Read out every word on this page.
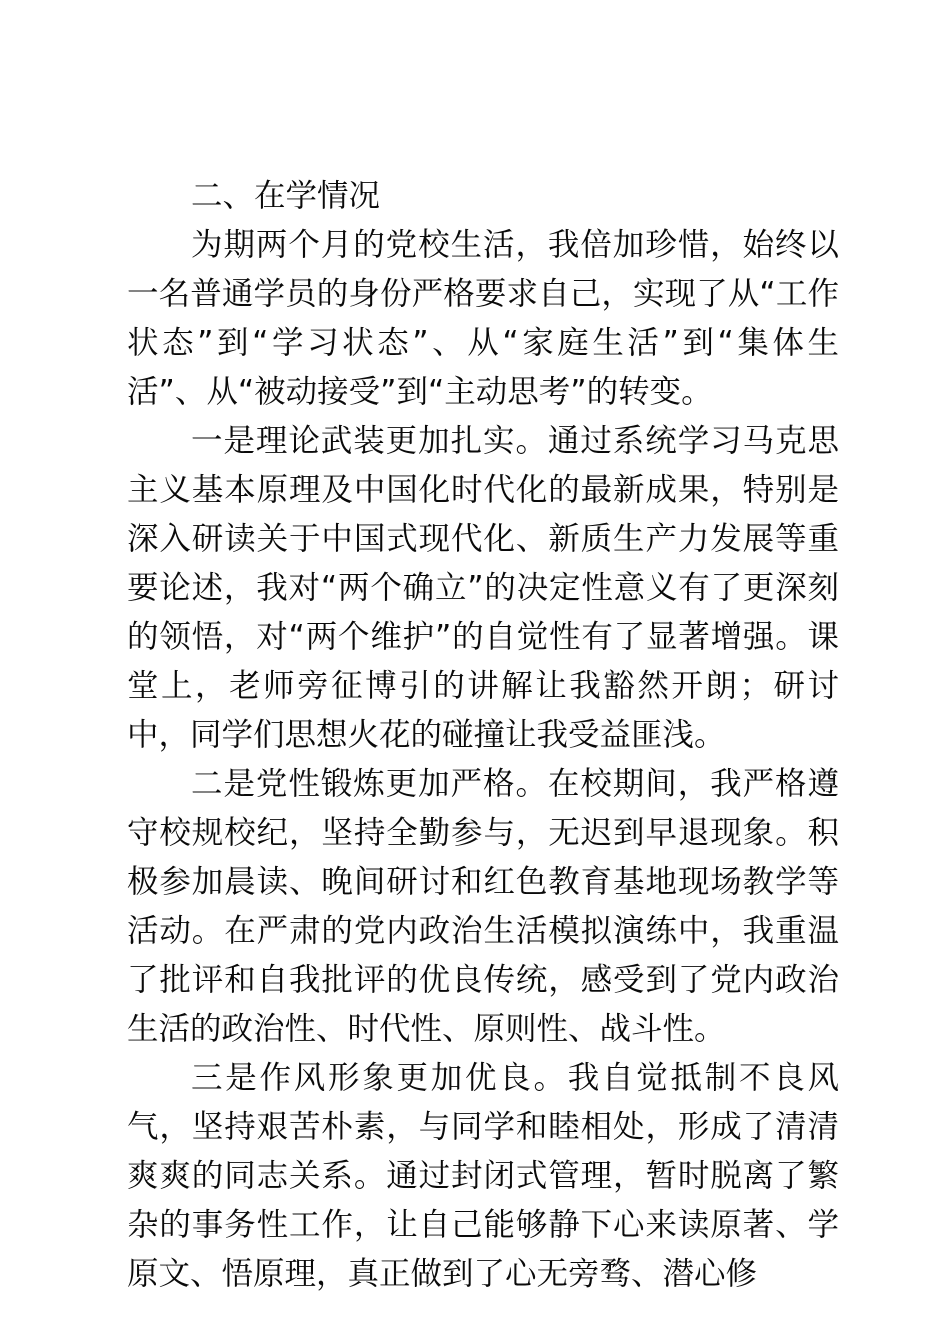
二、在学情况

为期两个月的党校生活，我倍加珍惜，始终以一名普通学员的身份严格要求自己，实现了从“工作状态”到“学习状态”、从“家庭生活”到“集体生活”、从“被动接受”到“主动思考”的转变。

一是理论武装更加扎实。通过系统学习马克思主义基本原理及中国化时代化的最新成果，特别是深入研读关于中国式现代化、新质生产力发展等重要论述，我对“两个确立”的决定性意义有了更深刻的领悟，对“两个维护”的自觉性有了显著增强。课堂上，老师旁征博引的讲解让我豁然开朗；研讨中，同学们思想火花的碰撞让我受益匪浅。

二是党性锻炼更加严格。在校期间，我严格遵守校规校纪，坚持全勤参与，无迟到早退现象。积极参加晨读、晚间研讨和红色教育基地现场教学等活动。在严肃的党内政治生活模拟演练中，我重温了批评和自我批评的优良传统，感受到了党内政治生活的政治性、时代性、原则性、战斗性。

三是作风形象更加优良。我自觉抵制不良风气，坚持艰苦朴素，与同学和睦相处，形成了清清爽爽的同志关系。通过封闭式管理，暂时脱离了繁杂的事务性工作，让自己能够静下心来读原著、学原文、悟原理，真正做到了心无旁骛、潜心修
